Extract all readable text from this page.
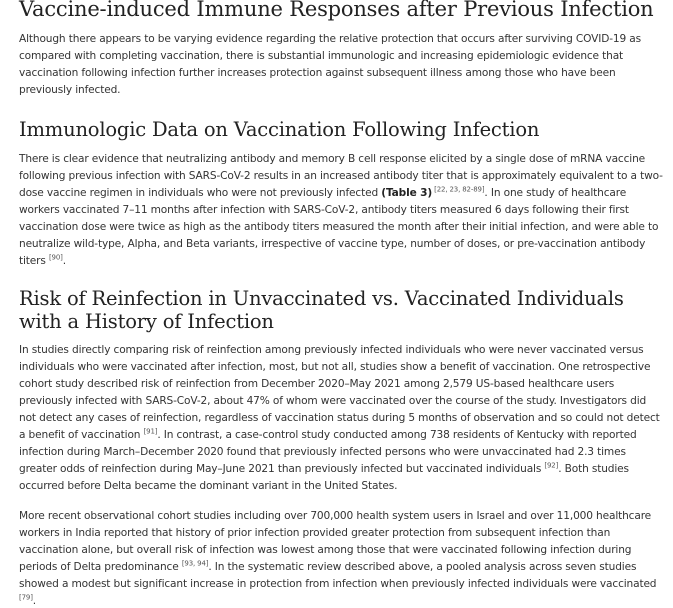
Vaccine-induced Immune Responses after Previous Infection

Although there appears to be varying evidence regarding the relative protection that occurs after surviving COVID-19 as compared with completing vaccination, there is substantial immunologic and increasing epidemiologic evidence that vaccination following infection further increases protection against subsequent illness among those who have been previously infected.

Immunologic Data on Vaccination Following Infection

There is clear evidence that neutralizing antibody and memory B cell response elicited by a single dose of mRNA vaccine following previous infection with SARS-CoV-2 results in an increased antibody titer that is approximately equivalent to a two-dose vaccine regimen in individuals who were not previously infected (Table 3) [22, 23, 82-89]. In one study of healthcare workers vaccinated 7–11 months after infection with SARS-CoV-2, antibody titers measured 6 days following their first vaccination dose were twice as high as the antibody titers measured the month after their initial infection, and were able to neutralize wild-type, Alpha, and Beta variants, irrespective of vaccine type, number of doses, or pre-vaccination antibody titers [90].

Risk of Reinfection in Unvaccinated vs. Vaccinated Individuals with a History of Infection

In studies directly comparing risk of reinfection among previously infected individuals who were never vaccinated versus individuals who were vaccinated after infection, most, but not all, studies show a benefit of vaccination. One retrospective cohort study described risk of reinfection from December 2020–May 2021 among 2,579 US-based healthcare users previously infected with SARS-CoV-2, about 47% of whom were vaccinated over the course of the study. Investigators did not detect any cases of reinfection, regardless of vaccination status during 5 months of observation and so could not detect a benefit of vaccination [91]. In contrast, a case-control study conducted among 738 residents of Kentucky with reported infection during March–December 2020 found that previously infected persons who were unvaccinated had 2.3 times greater odds of reinfection during May–June 2021 than previously infected but vaccinated individuals [92]. Both studies occurred before Delta became the dominant variant in the United States.

More recent observational cohort studies including over 700,000 health system users in Israel and over 11,000 healthcare workers in India reported that history of prior infection provided greater protection from subsequent infection than vaccination alone, but overall risk of infection was lowest among those that were vaccinated following infection during periods of Delta predominance [93, 94]. In the systematic review described above, a pooled analysis across seven studies showed a modest but significant increase in protection from infection when previously infected individuals were vaccinated [79].
